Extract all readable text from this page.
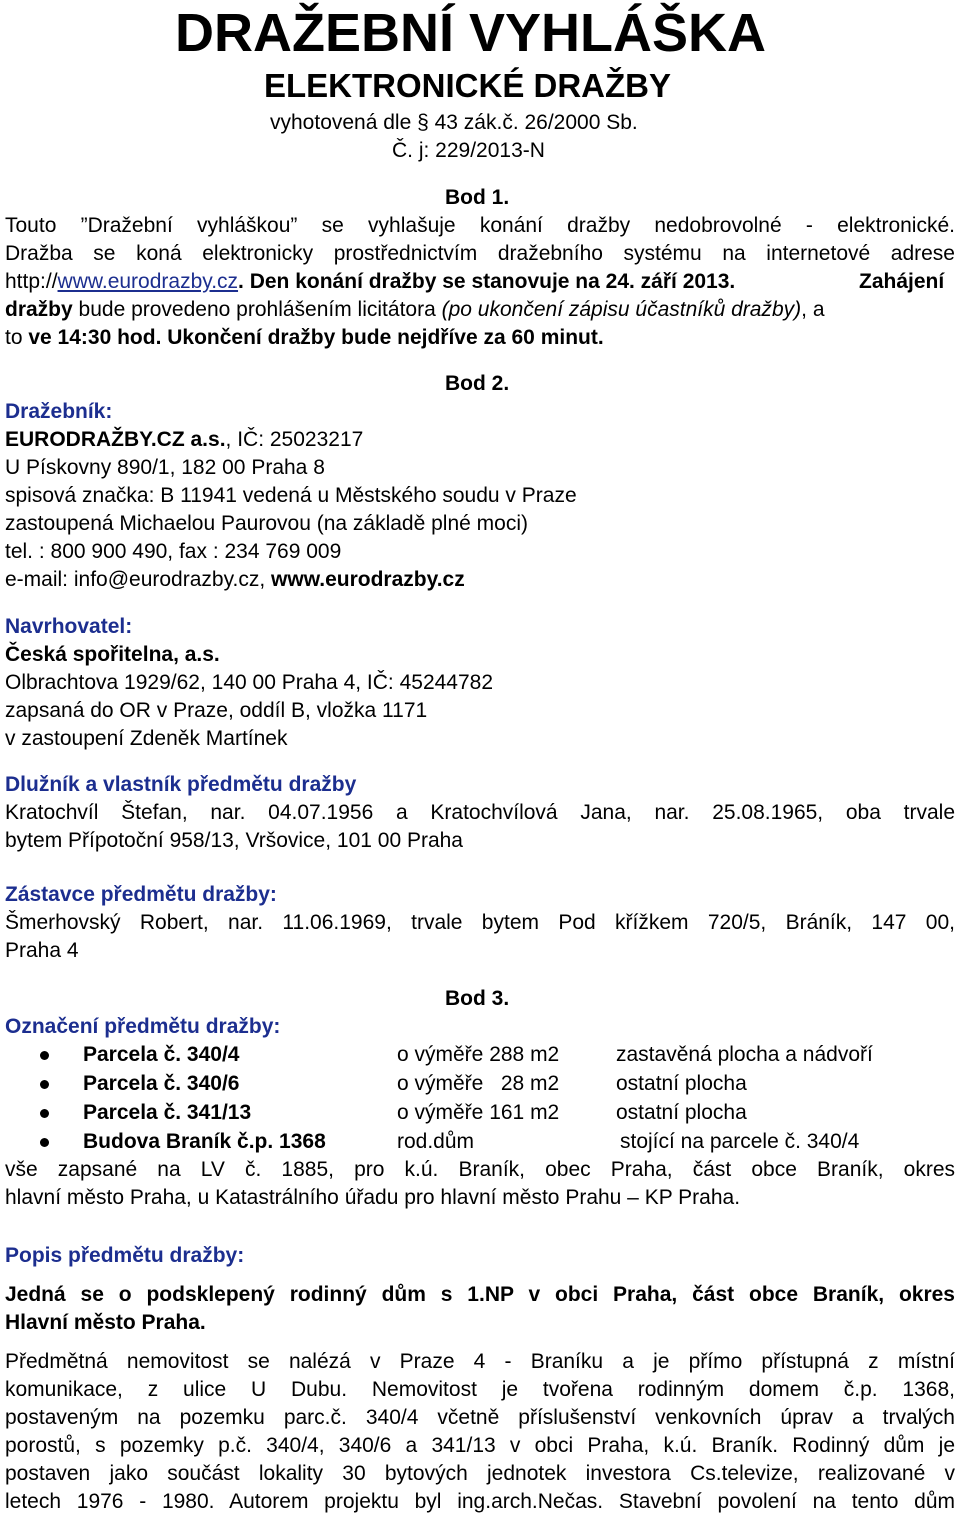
DRAŽEBNÍ VYHLÁŠKA
ELEKTRONICKÉ DRAŽBY
vyhotovená dle § 43 zák.č. 26/2000 Sb.
Č. j: 229/2013-N
Bod 1.
Touto ”Dražební vyhláškou” se vyhlašuje konání dražby nedobrovolné - elektronické.
Dražba se koná elektronicky prostřednictvím dražebního systému na internetové adrese
http://www.eurodrazby.cz. Den konání dražby se stanovuje na 24. září 2013.	Zahájení
dražby bude provedeno prohlášením licitátora (po ukončení zápisu účastníků dražby), a
to ve 14:30 hod. Ukončení dražby bude nejdříve za 60 minut.
Bod 2.
Dražebník:
EURODRAŽBY.CZ a.s., IČ: 25023217
U Pískovny 890/1, 182 00 Praha 8
spisová značka: B 11941 vedená u Městského soudu v Praze
zastoupená Michaelou Paurovou (na základě plné moci)
tel. : 800 900 490, fax : 234 769 009
e-mail: info@eurodrazby.cz, www.eurodrazby.cz
Navrhovatel:
Česká spořitelna, a.s.
Olbrachtova 1929/62, 140 00 Praha 4, IČ: 45244782
zapsaná do OR v Praze, oddíl B, vložka 1171
v zastoupení Zdeněk Martínek
Dlužník a vlastník předmětu dražby
Kratochvíl Štefan, nar. 04.07.1956 a Kratochvílová Jana, nar. 25.08.1965, oba trvale
bytem Přípotoční 958/13, Vršovice, 101 00 Praha
Zástavce předmětu dražby:
Šmerhovský Robert, nar. 11.06.1969, trvale bytem Pod křížkem 720/5, Bráník, 147 00,
Praha 4
Bod 3.
Označení předmětu dražby:
Parcela č. 340/4	o výměře 288 m2	zastavěná plocha a nádvoří
Parcela č. 340/6	o výměře   28 m2	ostatní plocha
Parcela č. 341/13	o výměře 161 m2	ostatní plocha
Budova Braník č.p. 1368	rod.dům	stojící na parcele č. 340/4
vše zapsané na LV č. 1885, pro k.ú. Braník, obec Praha, část obce Braník, okres
hlavní město Praha, u Katastrálního úřadu pro hlavní město Prahu – KP Praha.
Popis předmětu dražby:
Jedná se o podsklepený rodinný dům s 1.NP v obci Praha, část obce Braník, okres
Hlavní město Praha.
Předmětná nemovitost se nalézá v Praze 4 - Braníku a je přímo přístupná z místní
komunikace, z ulice U Dubu. Nemovitost je tvořena rodinným domem č.p. 1368,
postaveným na pozemku parc.č. 340/4 včetně příslušenství venkovních úprav a trvalých
porostů, s pozemky p.č. 340/4, 340/6 a 341/13 v obci Praha, k.ú. Braník. Rodinný dům je
postaven jako součást lokality 30 bytových jednotek investora Cs.televize, realizované v
letech 1976 - 1980. Autorem projektu byl ing.arch.Nečas. Stavební povolení na tento dům
